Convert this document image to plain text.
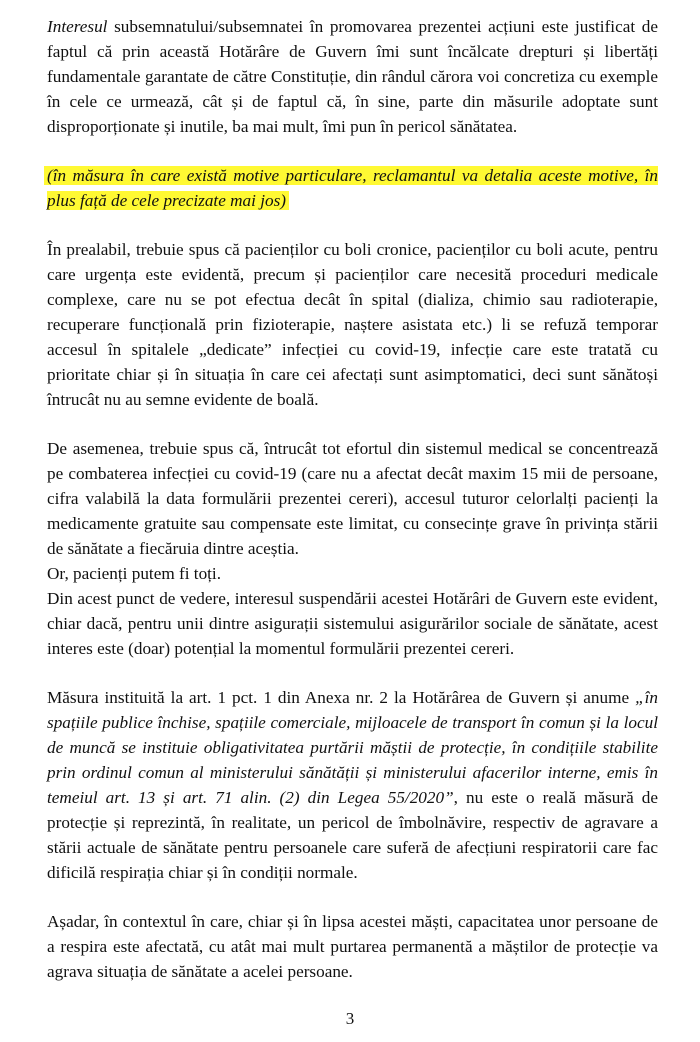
Interesul subsemnatului/subsemnatei în promovarea prezentei acțiuni este justificat de faptul că prin această Hotărâre de Guvern îmi sunt încălcate drepturi și libertăți fundamentale garantate de către Constituție, din rândul cărora voi concretiza cu exemple în cele ce urmează, cât și de faptul că, în sine, parte din măsurile adoptate sunt disproporționate și inutile, ba mai mult, îmi pun în pericol sănătatea.

(în măsura în care există motive particulare, reclamantul va detalia aceste motive, în plus față de cele precizate mai jos)

În prealabil, trebuie spus că pacienților cu boli cronice, pacienților cu boli acute, pentru care urgența este evidentă, precum și pacienților care necesită proceduri medicale complexe, care nu se pot efectua decât în spital (dializa, chimio sau radioterapie, recuperare funcțională prin fizioterapie, naștere asistata etc.) li se refuză temporar accesul în spitalele „dedicate” infecției cu covid-19, infecție care este tratată cu prioritate chiar și în situația în care cei afectați sunt asimptomatici, deci sunt sănătoși întrucât nu au semne evidente de boală.

De asemenea, trebuie spus că, întrucât tot efortul din sistemul medical se concentrează pe combaterea infecției cu covid-19 (care nu a afectat decât maxim 15 mii de persoane, cifra valabilă la data formulării prezentei cereri), accesul tuturor celorlalți pacienți la medicamente gratuite sau compensate este limitat, cu consecințe grave în privința stării de sănătate a fiecăruia dintre aceștia.

Or, pacienți putem fi toți.

Din acest punct de vedere, interesul suspendării acestei Hotărâri de Guvern este evident, chiar dacă, pentru unii dintre asigurații sistemului asigurărilor sociale de sănătate, acest interes este (doar) potențial la momentul formulării prezentei cereri.

Măsura instituită la art. 1 pct. 1 din Anexa nr. 2 la Hotărârea de Guvern și anume „în spațiile publice închise, spațiile comerciale, mijloacele de transport în comun și la locul de muncă se instituie obligativitatea purtării măștii de protecție, în condițiile stabilite prin ordinul comun al ministerului sănătății și ministerului afacerilor interne, emis în temeiul art. 13 și art. 71 alin. (2) din Legea 55/2020”, nu este o reală măsură de protecție și reprezintă, în realitate, un pericol de îmbolnăvire, respectiv de agravare a stării actuale de sănătate pentru persoanele care suferă de afecțiuni respiratorii care fac dificilă respirația chiar și în condiții normale.

Așadar, în contextul în care, chiar și în lipsa acestei măști, capacitatea unor persoane de a respira este afectată, cu atât mai mult purtarea permanentă a măștilor de protecție va agrava situația de sănătate a acelei persoane.

3
